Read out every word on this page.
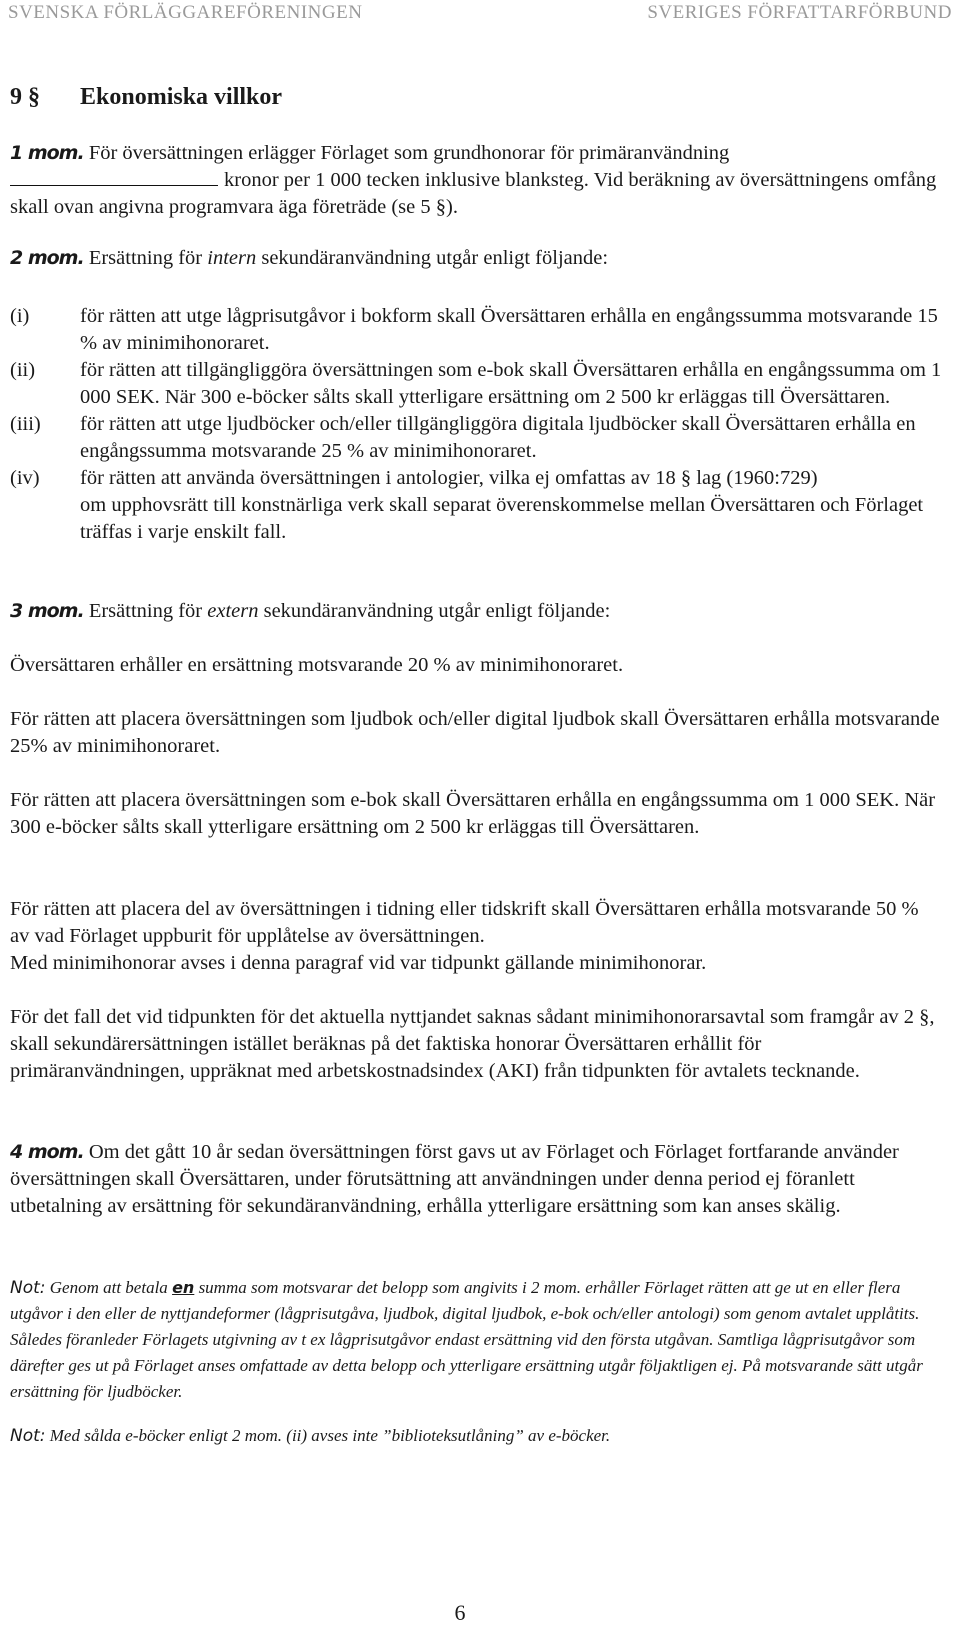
SVENSKA FÖRLÄGGAREFÖRENINGEN	SVERIGES FÖRFATTARFÖRBUND
9 § Ekonomiska villkor
1 mom. För översättningen erlägger Förlaget som grundhonorar för primäranvändning
kronor per 1 000 tecken inklusive blanksteg. Vid beräkning av översättningens omfång skall ovan angivna programvara äga företräde (se 5 §).
2 mom. Ersättning för intern sekundäranvändning utgår enligt följande:
(i)	för rätten att utge lågprisutgåvor i bokform skall Översättaren erhålla en engångssumma motsvarande 15 % av minimihonoraret.
(ii)	för rätten att tillgängliggöra översättningen som e-bok skall Översättaren erhålla en engångssumma om 1 000 SEK. När 300 e-böcker sålts skall ytterligare ersättning om 2 500 kr erläggas till Översättaren.
(iii)	för rätten att utge ljudböcker och/eller tillgängliggöra digitala ljudböcker skall Översättaren erhålla en engångssumma motsvarande 25 % av minimihonoraret.
(iv)	för rätten att använda översättningen i antologier, vilka ej omfattas av 18 § lag (1960:729)
om upphovsrätt till konstnärliga verk skall separat överenskommelse mellan Översättaren och Förlaget träffas i varje enskilt fall.
3 mom. Ersättning för extern sekundäranvändning utgår enligt följande:
Översättaren erhåller en ersättning motsvarande 20 % av minimihonoraret.
För rätten att placera översättningen som ljudbok och/eller digital ljudbok skall Översättaren erhålla motsvarande 25% av minimihonoraret.
För rätten att placera översättningen som e-bok skall Översättaren erhålla en engångssumma om 1 000 SEK. När 300 e-böcker sålts skall ytterligare ersättning om 2 500 kr erläggas till Översättaren.
För rätten att placera del av översättningen i tidning eller tidskrift skall Översättaren erhålla motsvarande 50 % av vad Förlaget uppburit för upplåtelse av översättningen.
Med minimihonorar avses i denna paragraf vid var tidpunkt gällande minimihonorar.
För det fall det vid tidpunkten för det aktuella nyttjandet saknas sådant minimihonorarsavtal som framgår av 2 §, skall sekundärersättningen istället beräknas på det faktiska honorar Översättaren erhållit för primäranvändningen, uppräknat med arbetskostnadsindex (AKI) från tidpunkten för avtalets tecknande.
4 mom. Om det gått 10 år sedan översättningen först gavs ut av Förlaget och Förlaget fortfarande använder översättningen skall Översättaren, under förutsättning att användningen under denna period ej föranlett utbetalning av ersättning för sekundäranvändning, erhålla ytterligare ersättning som kan anses skälig.
Not: Genom att betala en summa som motsvarar det belopp som angivits i 2 mom. erhåller Förlaget rätten att ge ut en eller flera utgåvor i den eller de nyttjandeformer (lågprisutgåva, ljudbok, digital ljudbok, e-bok och/eller antologi) som genom avtalet upplåtits. Således föranleder Förlagets utgivning av t ex lågprisutgåvor endast ersättning vid den första utgåvan. Samtliga lågprisutgåvor som därefter ges ut på Förlaget anses omfattade av detta belopp och ytterligare ersättning utgår följaktligen ej. På motsvarande sätt utgår ersättning för ljudböcker.
Not: Med sålda e-böcker enligt 2 mom. (ii) avses inte ”biblioteksutlåning” av e-böcker.
6
